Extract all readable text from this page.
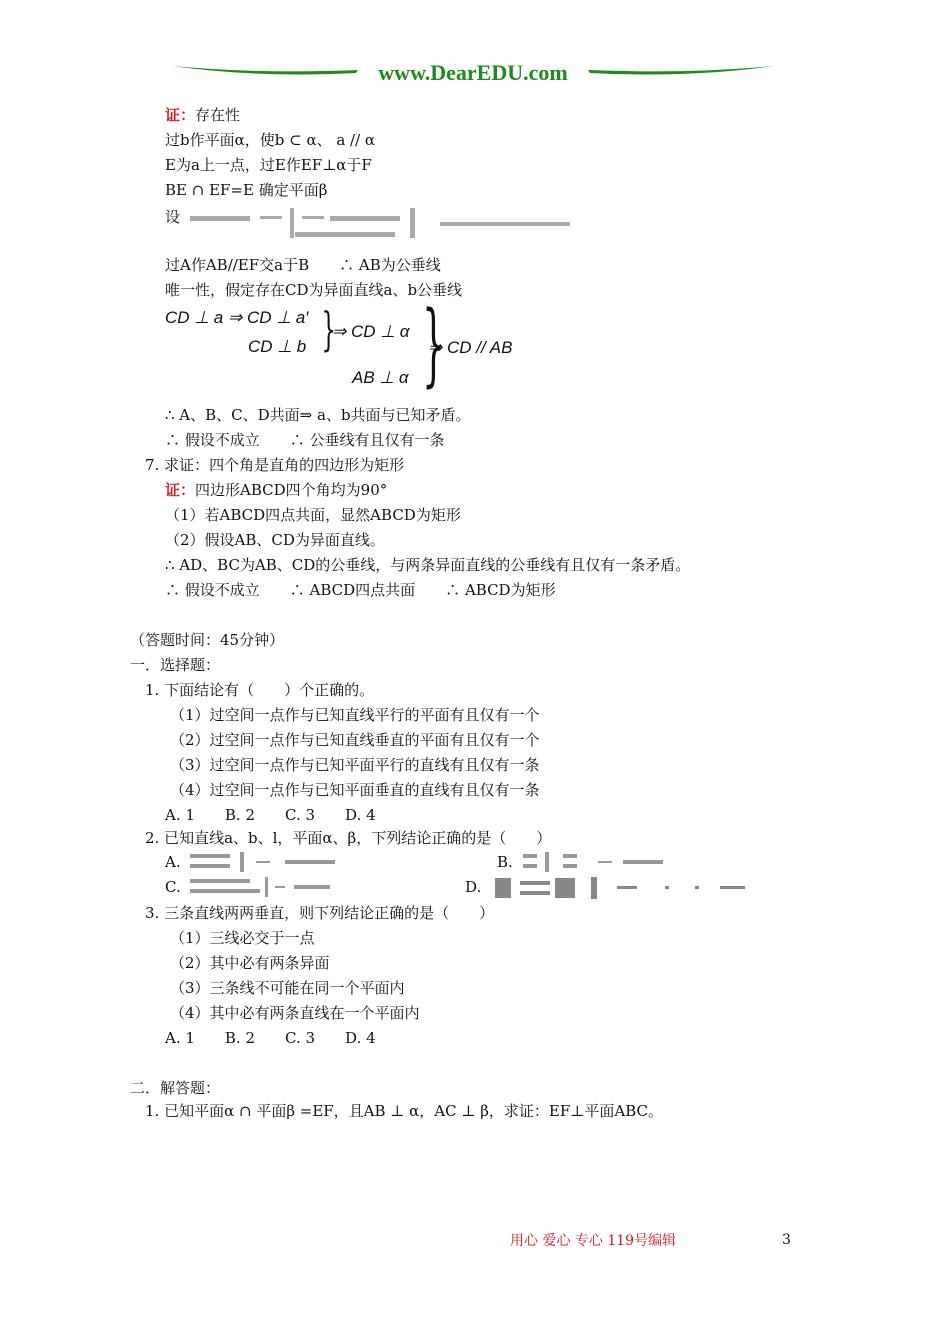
www.DearEDU.com
证：存在性
过b作平面α，使b ⊂ α、 a // α
E为a上一点，过E作EF⊥α于F
BE ∩ EF=E 确定平面β
设
过A作AB//EF交a于B　　∴ AB为公垂线
唯一性，假定存在CD为异面直线a、b公垂线
CD ⊥ a ⇒ CD ⊥ a′
CD ⊥ b }
⇒ CD ⊥ α
AB ⊥ α }
⇒ CD // AB
∴ A、B、C、D共面⇒ a、b共面与已知矛盾。
∴ 假设不成立　　∴ 公垂线有且仅有一条
7. 求证：四个角是直角的四边形为矩形
证：四边形ABCD四个角均为90°
（1）若ABCD四点共面，显然ABCD为矩形
（2）假设AB、CD为异面直线。
∴ AD、BC为AB、CD的公垂线，与两条异面直线的公垂线有且仅有一条矛盾。
∴ 假设不成立　　∴ ABCD四点共面　　∴ ABCD为矩形
（答题时间：45分钟）
一．选择题：
1. 下面结论有（　　）个正确的。
（1）过空间一点作与已知直线平行的平面有且仅有一个
（2）过空间一点作与已知直线垂直的平面有且仅有一个
（3）过空间一点作与已知平面平行的直线有且仅有一条
（4）过空间一点作与已知平面垂直的直线有且仅有一条
A. 1　　B. 2　　C. 3　　D. 4
2. 已知直线a、b、l，平面α、β，下列结论正确的是（　　）
A.	B.
C.	D.
3. 三条直线两两垂直，则下列结论正确的是（　　）
（1）三线必交于一点
（2）其中必有两条异面
（3）三条线不可能在同一个平面内
（4）其中必有两条直线在一个平面内
A. 1　　B. 2　　C. 3　　D. 4
二．解答题：
1. 已知平面α ∩ 平面β =EF，且AB ⊥ α，AC ⊥ β，求证：EF⊥平面ABC。
用心 爱心 专心 119号编辑	3
